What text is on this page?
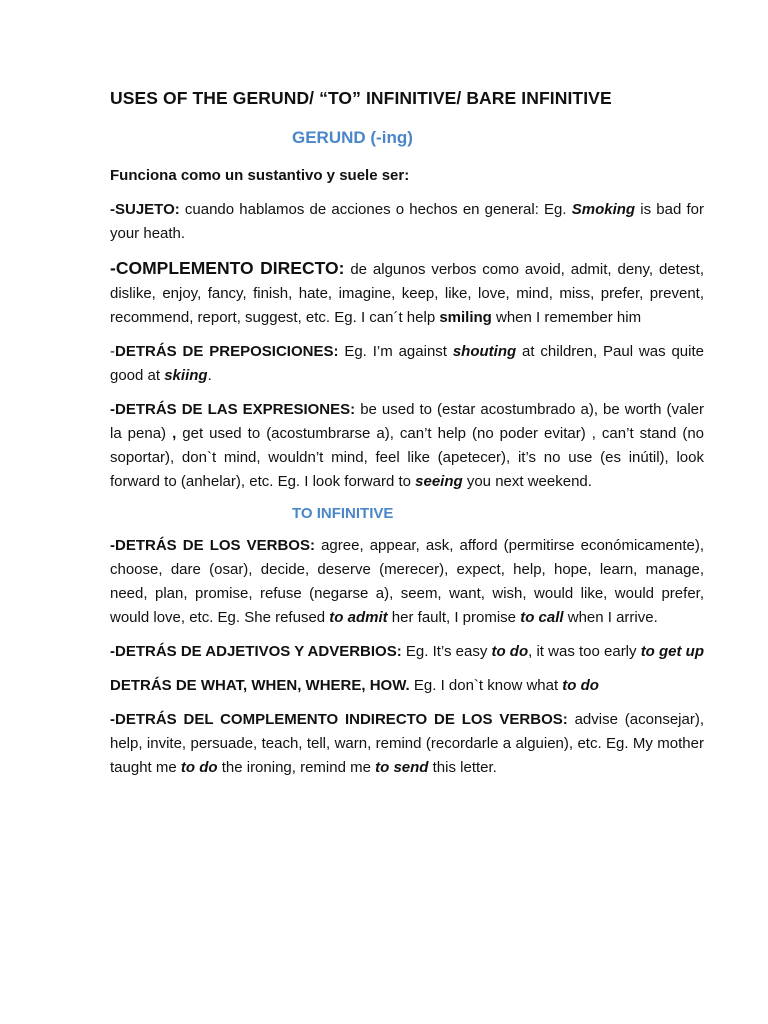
USES OF THE GERUND/ “TO” INFINITIVE/ BARE INFINITIVE

GERUND (-ing)

Funciona como un sustantivo y suele ser:

-SUJETO: cuando hablamos de acciones o hechos en general: Eg. Smoking is bad for your heath.

-COMPLEMENTO DIRECTO: de algunos verbos como avoid, admit, deny, detest, dislike, enjoy, fancy, finish, hate, imagine, keep, like, love, mind, miss, prefer, prevent, recommend, report, suggest, etc. Eg. I can´t help smiling when I remember him

-DETRÁS DE PREPOSICIONES: Eg. I’m against shouting at children, Paul was quite good at skiing.

-DETRÁS DE LAS EXPRESIONES: be used to (estar acostumbrado a), be worth (valer la pena) , get used to (acostumbrarse a), can’t help (no poder evitar) , can’t stand (no soportar), don`t mind, wouldn’t mind, feel like (apetecer), it’s no use (es inútil), look forward to (anhelar), etc. Eg. I look forward to seeing you next weekend.

TO INFINITIVE

-DETRÁS DE LOS VERBOS: agree, appear, ask, afford (permitirse económicamente), choose, dare (osar), decide, deserve (merecer), expect, help, hope, learn, manage, need, plan, promise, refuse (negarse a), seem, want, wish, would like, would prefer, would love, etc. Eg. She refused to admit her fault, I promise to call when I arrive.

-DETRÁS DE ADJETIVOS Y ADVERBIOS: Eg. It’s easy to do, it was too early to get up

DETRÁS DE WHAT, WHEN, WHERE, HOW. Eg. I don`t know what to do

-DETRÁS DEL COMPLEMENTO INDIRECTO DE LOS VERBOS: advise (aconsejar), help, invite, persuade, teach, tell, warn, remind (recordarle a alguien), etc. Eg. My mother taught me to do the ironing, remind me to send this letter.
